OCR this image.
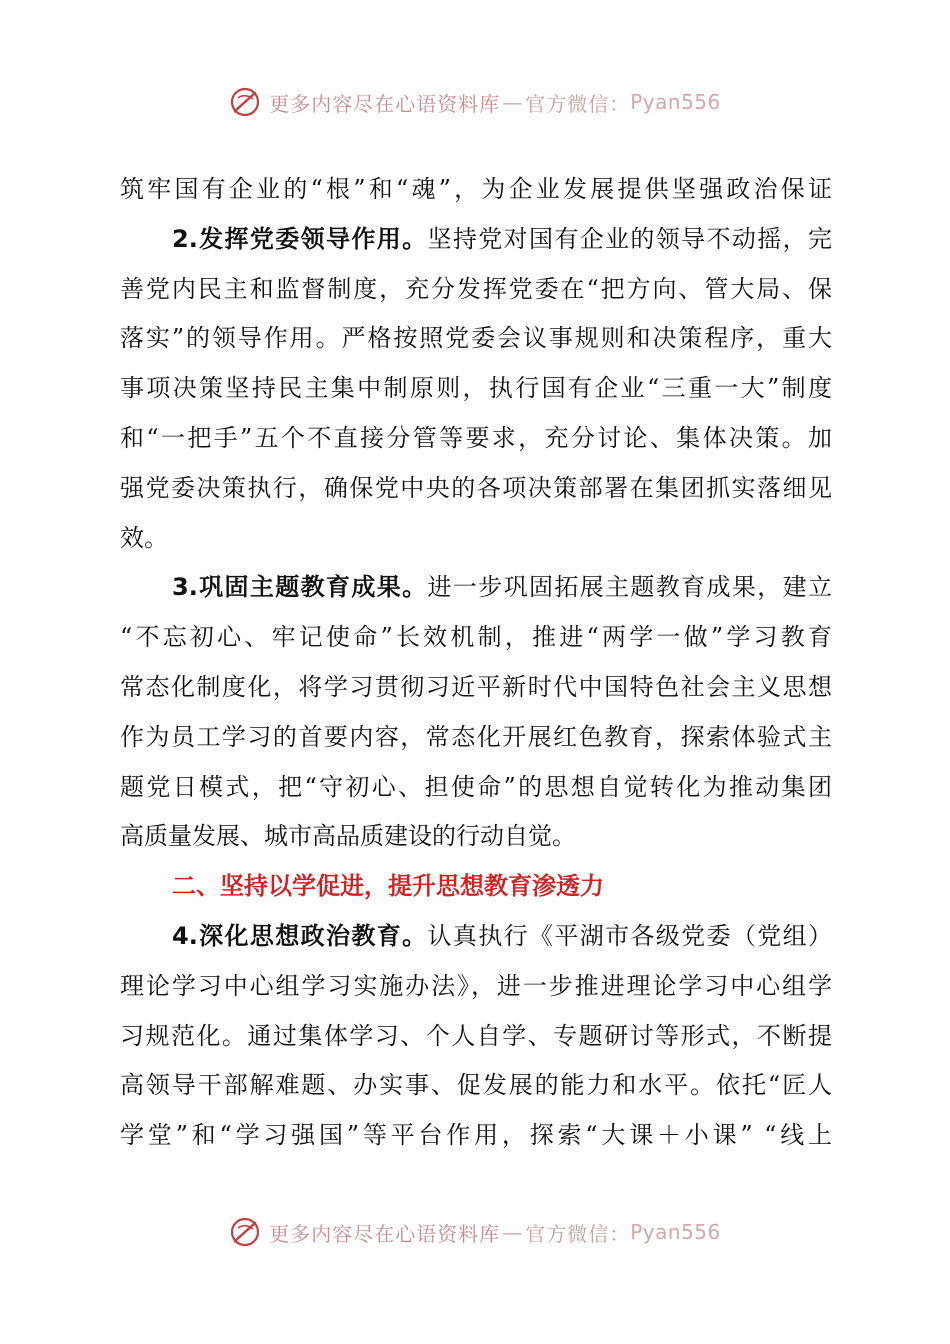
更多内容尽在心语资料库 — 官方微信： Pyan556
筑牢国有企业的“根”和“魂”，为企业发展提供坚强政治保证
2.发挥党委领导作用。坚持党对国有企业的领导不动摇，完
善党内民主和监督制度，充分发挥党委在“把方向、管大局、保
落实”的领导作用。严格按照党委会议事规则和决策程序，重大
事项决策坚持民主集中制原则，执行国有企业“三重一大”制度
和“一把手”五个不直接分管等要求，充分讨论、集体决策。加
强党委决策执行，确保党中央的各项决策部署在集团抓实落细见
效。
3.巩固主题教育成果。进一步巩固拓展主题教育成果，建立
“不忘初心、牢记使命”长效机制，推进“两学一做”学习教育
常态化制度化，将学习贯彻习近平新时代中国特色社会主义思想
作为员工学习的首要内容，常态化开展红色教育，探索体验式主
题党日模式，把“守初心、担使命”的思想自觉转化为推动集团
高质量发展、城市高品质建设的行动自觉。
二、坚持以学促进，提升思想教育渗透力
4.深化思想政治教育。认真执行《平湖市各级党委（党组）
理论学习中心组学习实施办法》，进一步推进理论学习中心组学
习规范化。通过集体学习、个人自学、专题研讨等形式，不断提
高领导干部解难题、办实事、促发展的能力和水平。依托“匠人
学堂”和“学习强国”等平台作用，探索“大课＋小课” “线上
更多内容尽在心语资料库 — 官方微信： Pyan556
